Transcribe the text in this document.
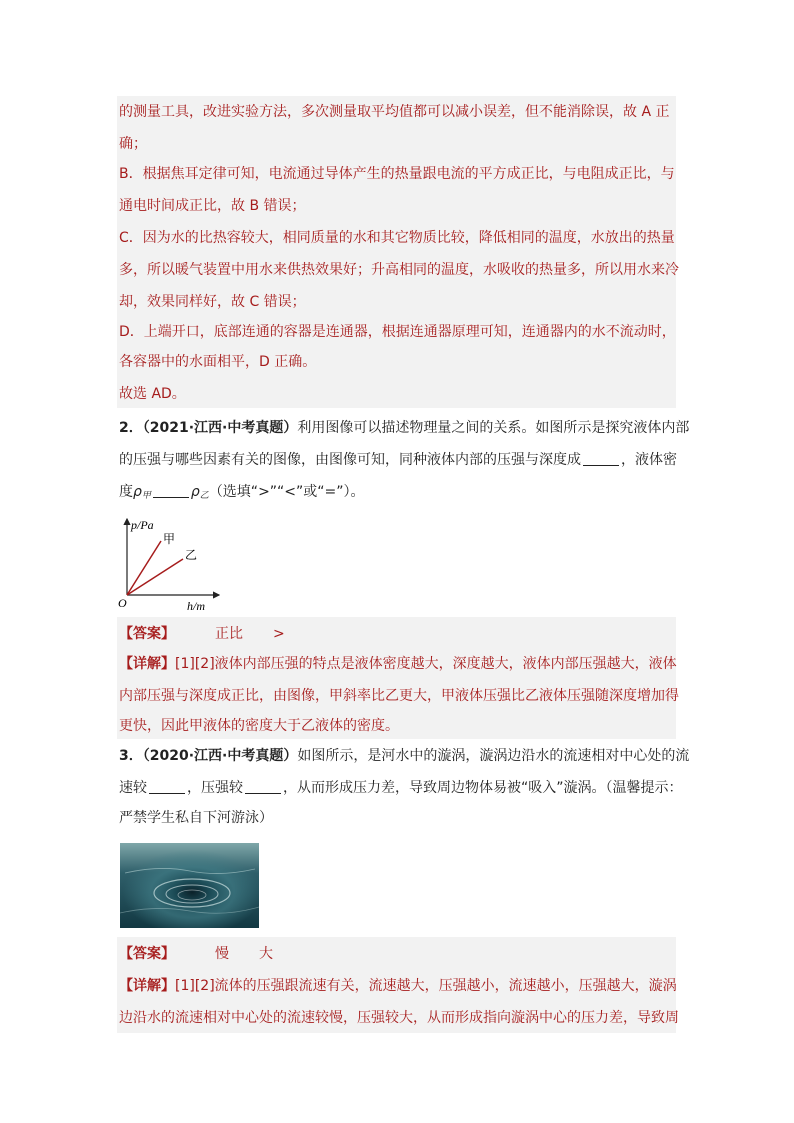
的测量工具，改进实验方法，多次测量取平均值都可以减小误差，但不能消除误，故 A 正
确；
B．根据焦耳定律可知，电流通过导体产生的热量跟电流的平方成正比，与电阻成正比，与
通电时间成正比，故 B 错误；
C．因为水的比热容较大，相同质量的水和其它物质比较，降低相同的温度，水放出的热量
多，所以暖气装置中用水来供热效果好；升高相同的温度，水吸收的热量多，所以用水来冷
却，效果同样好，故 C 错误；
D．上端开口，底部连通的容器是连通器，根据连通器原理可知，连通器内的水不流动时，
各容器中的水面相平，D 正确。
故选 AD。
2．（2021·江西·中考真题）利用图像可以描述物理量之间的关系。如图所示是探究液体内部
的压强与哪些因素有关的图像，由图像可知，同种液体内部的压强与深度成	，液体密
度$\rho_甲$	$\rho_乙$（选填“>”“<”或“=”）。
p/Pa
甲
乙
O	h/m
【答案】	正比 >
【详解】[1][2]液体内部压强的特点是液体密度越大，深度越大，液体内部压强越大，液体
内部压强与深度成正比，由图像，甲斜率比乙更大，甲液体压强比乙液体压强随深度增加得
更快，因此甲液体的密度大于乙液体的密度。
3．（2020·江西·中考真题）如图所示，是河水中的漩涡，漩涡边沿水的流速相对中心处的流
速较	，压强较	，从而形成压力差，导致周边物体易被“吸入”漩涡。（温馨提示：
严禁学生私自下河游泳）
【答案】	慢 大
【详解】[1][2]流体的压强跟流速有关，流速越大，压强越小，流速越小，压强越大，漩涡
边沿水的流速相对中心处的流速较慢，压强较大，从而形成指向漩涡中心的压力差，导致周
